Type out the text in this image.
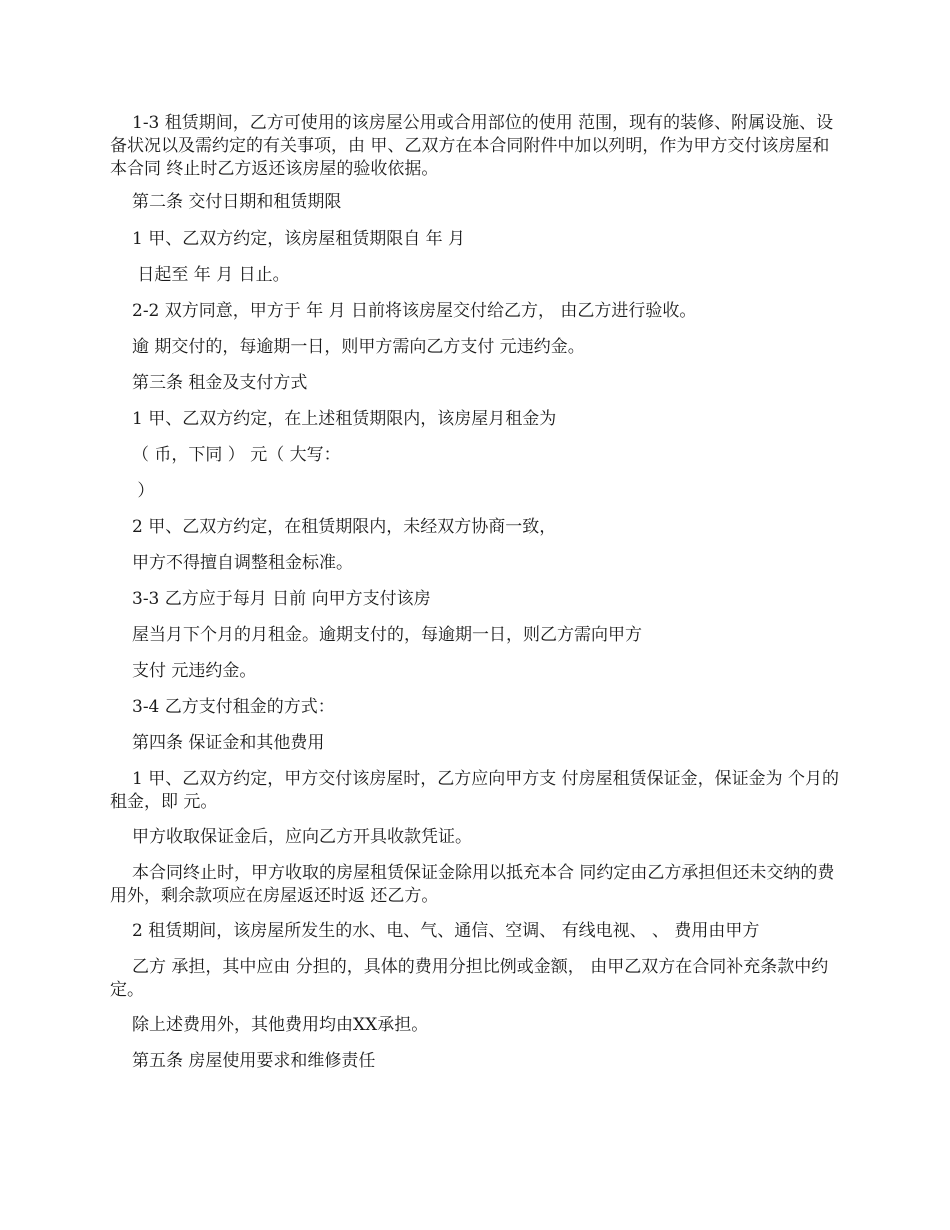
1-3 租赁期间，乙方可使用的该房屋公用或合用部位的使用 范围，现有的装修、附属设施、设备状况以及需约定的有关事项，由 甲、乙双方在本合同附件中加以列明，作为甲方交付该房屋和本合同 终止时乙方返还该房屋的验收依据。

第二条 交付日期和租赁期限

1 甲、乙双方约定，该房屋租赁期限自 年 月

日起至 年 月 日止。

2-2 双方同意，甲方于 年 月 日前将该房屋交付给乙方， 由乙方进行验收。

逾 期交付的，每逾期一日，则甲方需向乙方支付 元违约金。

第三条 租金及支付方式

1 甲、乙双方约定，在上述租赁期限内，该房屋月租金为

（ 币，下同 ） 元（ 大写：

）

2 甲、乙双方约定，在租赁期限内，未经双方协商一致，

甲方不得擅自调整租金标准。

3-3 乙方应于每月 日前 向甲方支付该房

屋当月下个月的月租金。逾期支付的，每逾期一日，则乙方需向甲方

支付 元违约金。

3-4 乙方支付租金的方式：

第四条 保证金和其他费用

1 甲、乙双方约定，甲方交付该房屋时，乙方应向甲方支 付房屋租赁保证金，保证金为 个月的租金，即 元。

甲方收取保证金后，应向乙方开具收款凭证。

本合同终止时，甲方收取的房屋租赁保证金除用以抵充本合 同约定由乙方承担但还未交纳的费用外，剩余款项应在房屋返还时返 还乙方。

2 租赁期间，该房屋所发生的水、电、气、通信、空调、 有线电视、 、 费用由甲方

乙方 承担，其中应由 分担的，具体的费用分担比例或金额， 由甲乙双方在合同补充条款中约定。

除上述费用外，其他费用均由XX承担。

第五条 房屋使用要求和维修责任
